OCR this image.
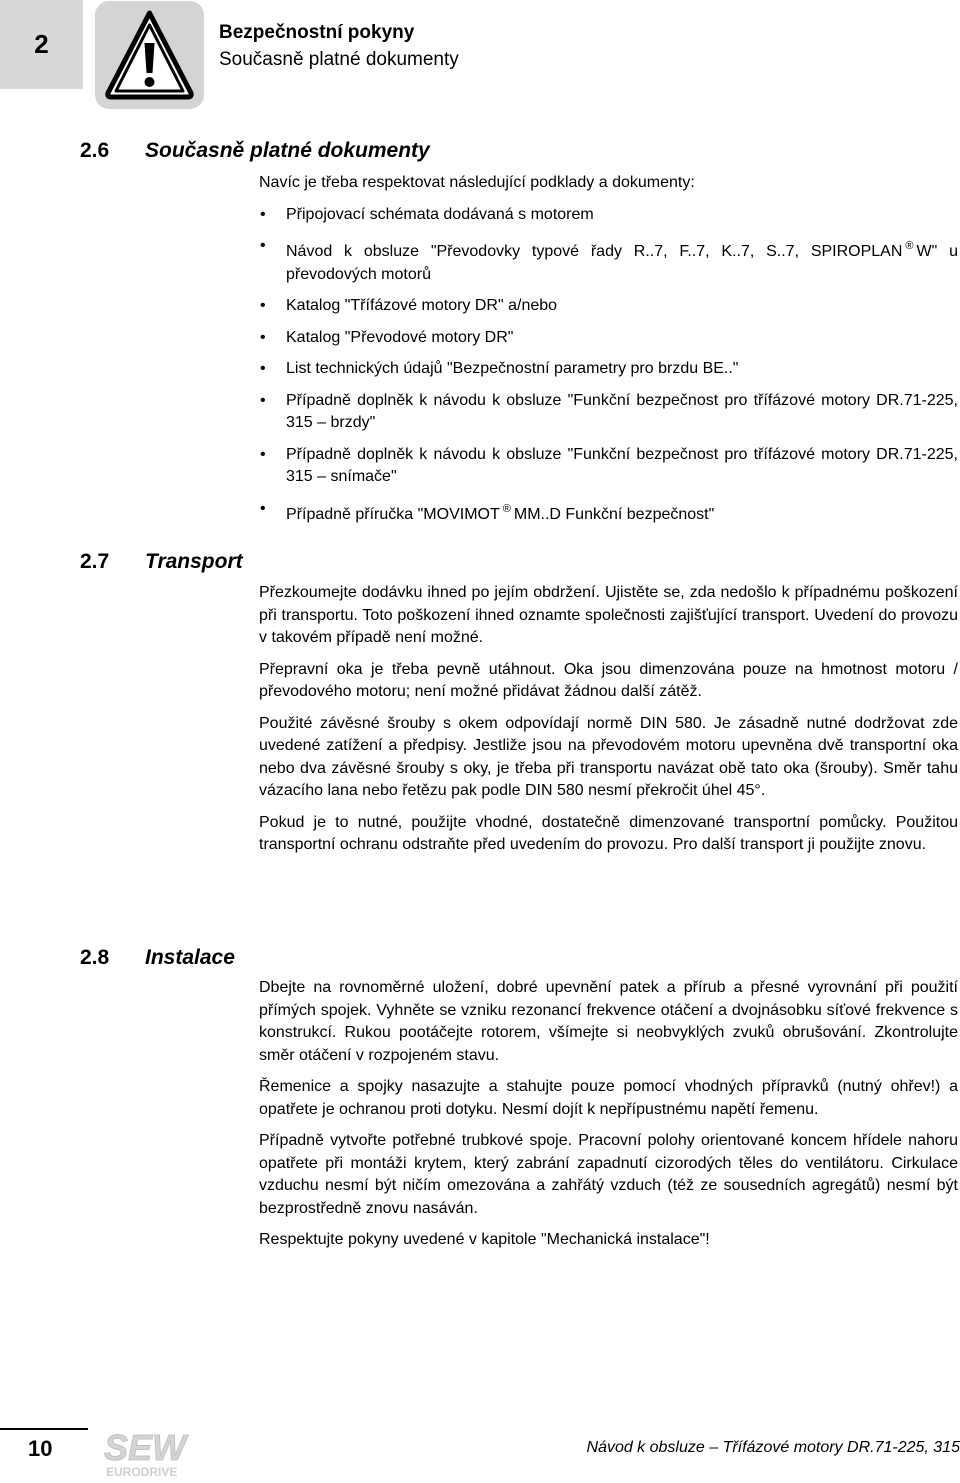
2	Bezpečnostní pokyny
Současně platné dokumenty
2.6 Současně platné dokumenty
Navíc je třeba respektovat následující podklady a dokumenty:
• Připojovací schémata dodávaná s motorem
• Návod k obsluze "Převodovky typové řady R..7, F..7, K..7, S..7, SPIROPLAN ® W" u převodových motorů
• Katalog "Třífázové motory DR" a/nebo
• Katalog "Převodové motory DR"
• List technických údajů "Bezpečnostní parametry pro brzdu BE.."
• Případně doplněk k návodu k obsluze "Funkční bezpečnost pro třífázové motory DR.71-225, 315 – brzdy"
• Případně doplněk k návodu k obsluze "Funkční bezpečnost pro třífázové motory DR.71-225, 315 – snímače"
• Případně příručka "MOVIMOT ® MM..D Funkční bezpečnost"
2.7 Transport

Přezkoumejte dodávku ihned po jejím obdržení. Ujistěte se, zda nedošlo k případnému poškození při transportu. Toto poškození ihned oznamte společnosti zajišťující transport. Uvedení do provozu v takovém případě není možné.

Přepravní oka je třeba pevně utáhnout. Oka jsou dimenzována pouze na hmotnost motoru / převodového motoru; není možné přidávat žádnou další zátěž.

Použité závěsné šrouby s okem odpovídají normě DIN 580. Je zásadně nutné dodržovat zde uvedené zatížení a předpisy. Jestliže jsou na převodovém motoru upevněna dvě transportní oka nebo dva závěsné šrouby s oky, je třeba při transportu navázat obě tato oka (šrouby). Směr tahu vázacího lana nebo řetězu pak podle DIN 580 nesmí překročit úhel 45°.

Pokud je to nutné, použijte vhodné, dostatečně dimenzované transportní pomůcky. Použitou transportní ochranu odstraňte před uvedením do provozu. Pro další transport ji použijte znovu.

2.8 Instalace

Dbejte na rovnoměrné uložení, dobré upevnění patek a přírub a přesné vyrovnání při použití přímých spojek. Vyhněte se vzniku rezonancí frekvence otáčení a dvojnásobku síťové frekvence s konstrukcí. Rukou pootáčejte rotorem, všímejte si neobvyklých zvuků obrušování. Zkontrolujte směr otáčení v rozpojeném stavu.

Řemenice a spojky nasazujte a stahujte pouze pomocí vhodných přípravků (nutný ohřev!) a opatřete je ochranou proti dotyku. Nesmí dojít k nepřípustnému napětí řemenu.

Případně vytvořte potřebné trubkové spoje. Pracovní polohy orientované koncem hřídele nahoru opatřete při montáži krytem, který zabrání zapadnutí cizorodých těles do ventilátoru. Cirkulace vzduchu nesmí být ničím omezována a zahřátý vzduch (též ze sousedních agregátů) nesmí být bezprostředně znovu nasáván.

Respektujte pokyny uvedené v kapitole "Mechanická instalace"!

10 SEW
EURODRIVE
Návod k obsluze – Třífázové motory DR.71-225, 315
